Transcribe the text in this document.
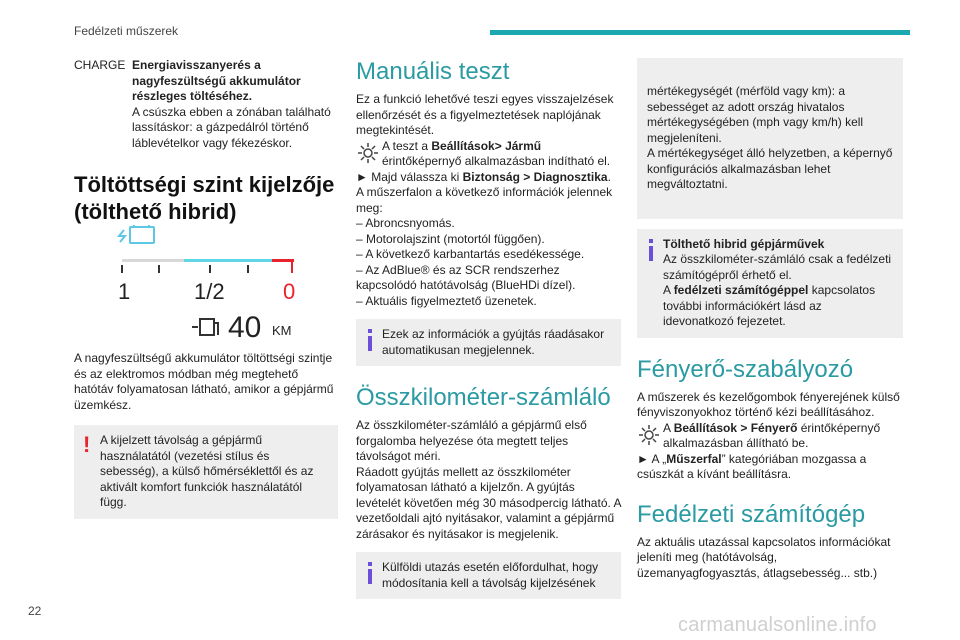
Fedélzeti műszerek
22
carmanualsonline.info
CHARGE Energiavisszanyerés a nagyfeszültségű akkumulátor részleges töltéséhez.

A csúszka ebben a zónában található lassításkor: a gázpedálról történő láblevételkor vagy fékezéskor.

Töltöttségi szint kijelzője (tölthető hibrid)
1	1/2	0
40 KM

A nagyfeszültségű akkumulátor töltöttségi szintje és az elektromos módban még megtehető hatótáv folyamatosan látható, amikor a gépjármű üzemkész.

! A kijelzett távolság a gépjármű használatától (vezetési stílus és sebesség), a külső hőmérséklettől és az aktivált komfort funkciók használatától függ.

Manuális teszt

Ez a funkció lehetővé teszi egyes visszajelzések ellenőrzését és a figyelmeztetések naplójának megtekintését.

A teszt a Beállítások> Jármű érintőképernyő alkalmazásban indítható el.

► Majd válassza ki Biztonság > Diagnosztika.

A műszerfalon a következő információk jelennek meg:

– Abroncsnyomás.

– Motorolajszint (motortól függően).

– A következő karbantartás esedékessége.

– Az AdBlue® és az SCR rendszerhez kapcsolódó hatótávolság (BlueHDi dízel).

– Aktuális figyelmeztető üzenetek.

Ezek az információk a gyújtás ráadásakor automatikusan megjelennek.

Összkilométer-számláló

Az összkilométer-számláló a gépjármű első forgalomba helyezése óta megtett teljes távolságot méri.

Ráadott gyújtás mellett az összkilométer folyamatosan látható a kijelzőn. A gyújtás levételét követően még 30 másodpercig látható. A vezetőoldali ajtó nyitásakor, valamint a gépjármű zárásakor és nyitásakor is megjelenik.

Külföldi utazás esetén előfordulhat, hogy módosítania kell a távolság kijelzésének

mértékegységét (mérföld vagy km): a sebességet az adott ország hivatalos mértékegységében (mph vagy km/h) kell megjeleníteni.
A mértékegységet álló helyzetben, a képernyő konfigurációs alkalmazásban lehet megváltoztatni.

Tölthető hibrid gépjárművek

Az összkilométer-számláló csak a fedélzeti számítógépről érhető el.

A fedélzeti számítógéppel kapcsolatos további információkért lásd az idevonatkozó fejezetet.

Fényerő-szabályozó

A műszerek és kezelőgombok fényerejének külső fényviszonyokhoz történő kézi beállításához.

A Beállítások > Fényerő érintőképernyő alkalmazásban állítható be.

► A „Műszerfal” kategóriában mozgassa a csúszkát a kívánt beállításra.

Fedélzeti számítógép

Az aktuális utazással kapcsolatos információkat jeleníti meg (hatótávolság, üzemanyagfogyasztás, átlagsebesség... stb.)
